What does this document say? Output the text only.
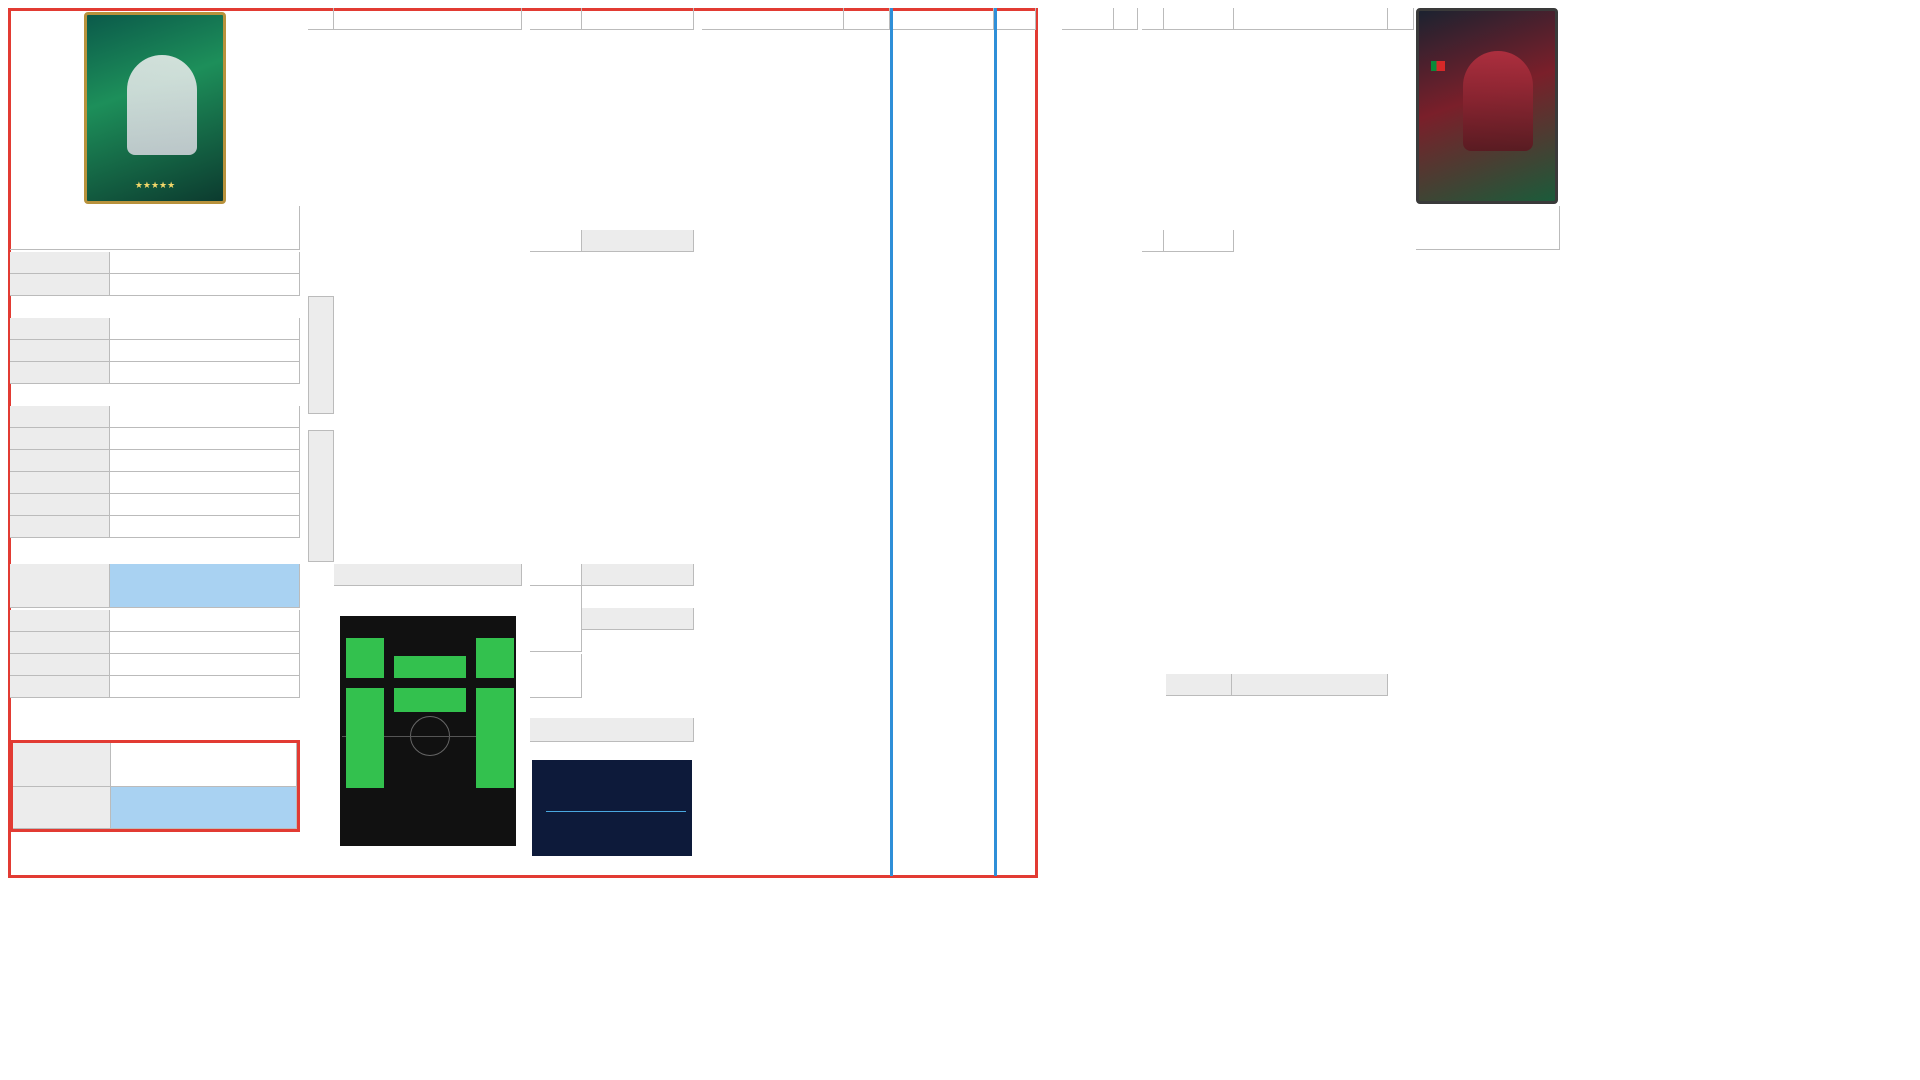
★★★★★
